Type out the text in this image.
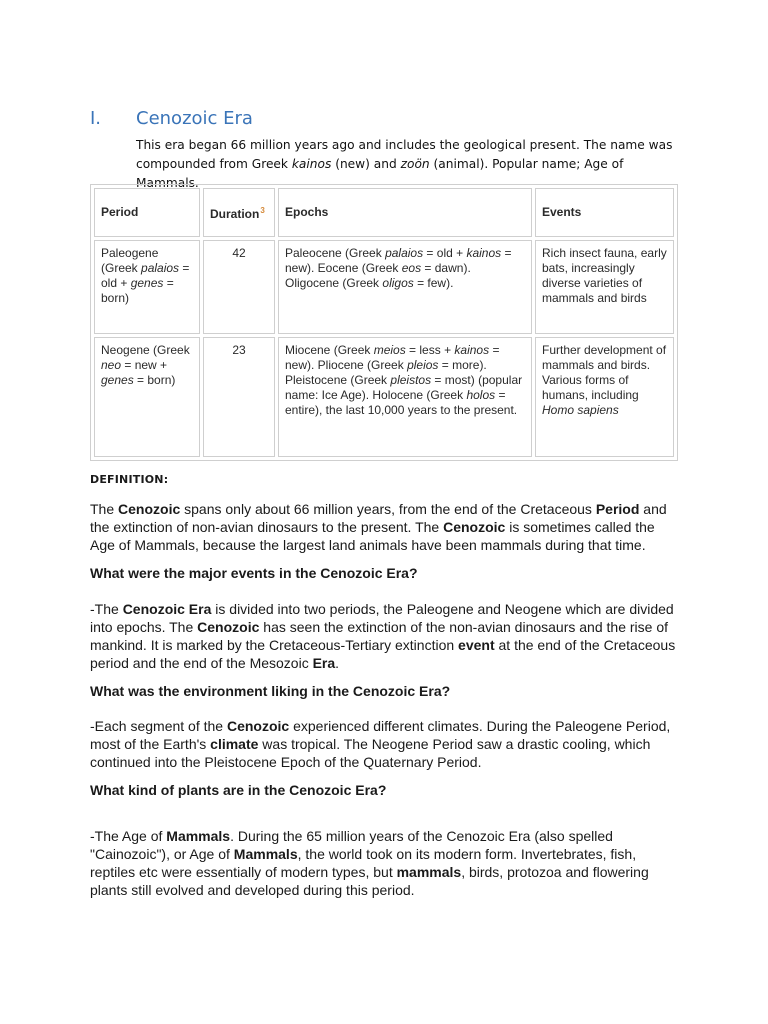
I. Cenozoic Era
This era began 66 million years ago and includes the geological present. The name was compounded from Greek kainos (new) and zoön (animal). Popular name; Age of Mammals.
Period	Duration$^3$	Epochs	Events
Paleogene (Greek palaios = old + genes = born)	42	Paleocene (Greek palaios = old + kainos = new). Eocene (Greek eos = dawn). Oligocene (Greek oligos = few).	Rich insect fauna, early bats, increasingly diverse varieties of mammals and birds
Neogene (Greek neo = new + genes = born)	23	Miocene (Greek meios = less + kainos = new). Pliocene (Greek pleios = more). Pleistocene (Greek pleistos = most) (popular name: Ice Age). Holocene (Greek holos = entire), the last 10,000 years to the present.	Further development of mammals and birds. Various forms of humans, including Homo sapiens
DEFINITION:
The Cenozoic spans only about 66 million years, from the end of the Cretaceous Period and the extinction of non-avian dinosaurs to the present. The Cenozoic is sometimes called the Age of Mammals, because the largest land animals have been mammals during that time.
What were the major events in the Cenozoic Era?
-The Cenozoic Era is divided into two periods, the Paleogene and Neogene which are divided into epochs. The Cenozoic has seen the extinction of the non-avian dinosaurs and the rise of mankind. It is marked by the Cretaceous-Tertiary extinction event at the end of the Cretaceous period and the end of the Mesozoic Era.
What was the environment liking in the Cenozoic Era?
-Each segment of the Cenozoic experienced different climates. During the Paleogene Period, most of the Earth's climate was tropical. The Neogene Period saw a drastic cooling, which continued into the Pleistocene Epoch of the Quaternary Period.
What kind of plants are in the Cenozoic Era?
-The Age of Mammals. During the 65 million years of the Cenozoic Era (also spelled "Cainozoic"), or Age of Mammals, the world took on its modern form. Invertebrates, fish, reptiles etc were essentially of modern types, but mammals, birds, protozoa and flowering plants still evolved and developed during this period.
